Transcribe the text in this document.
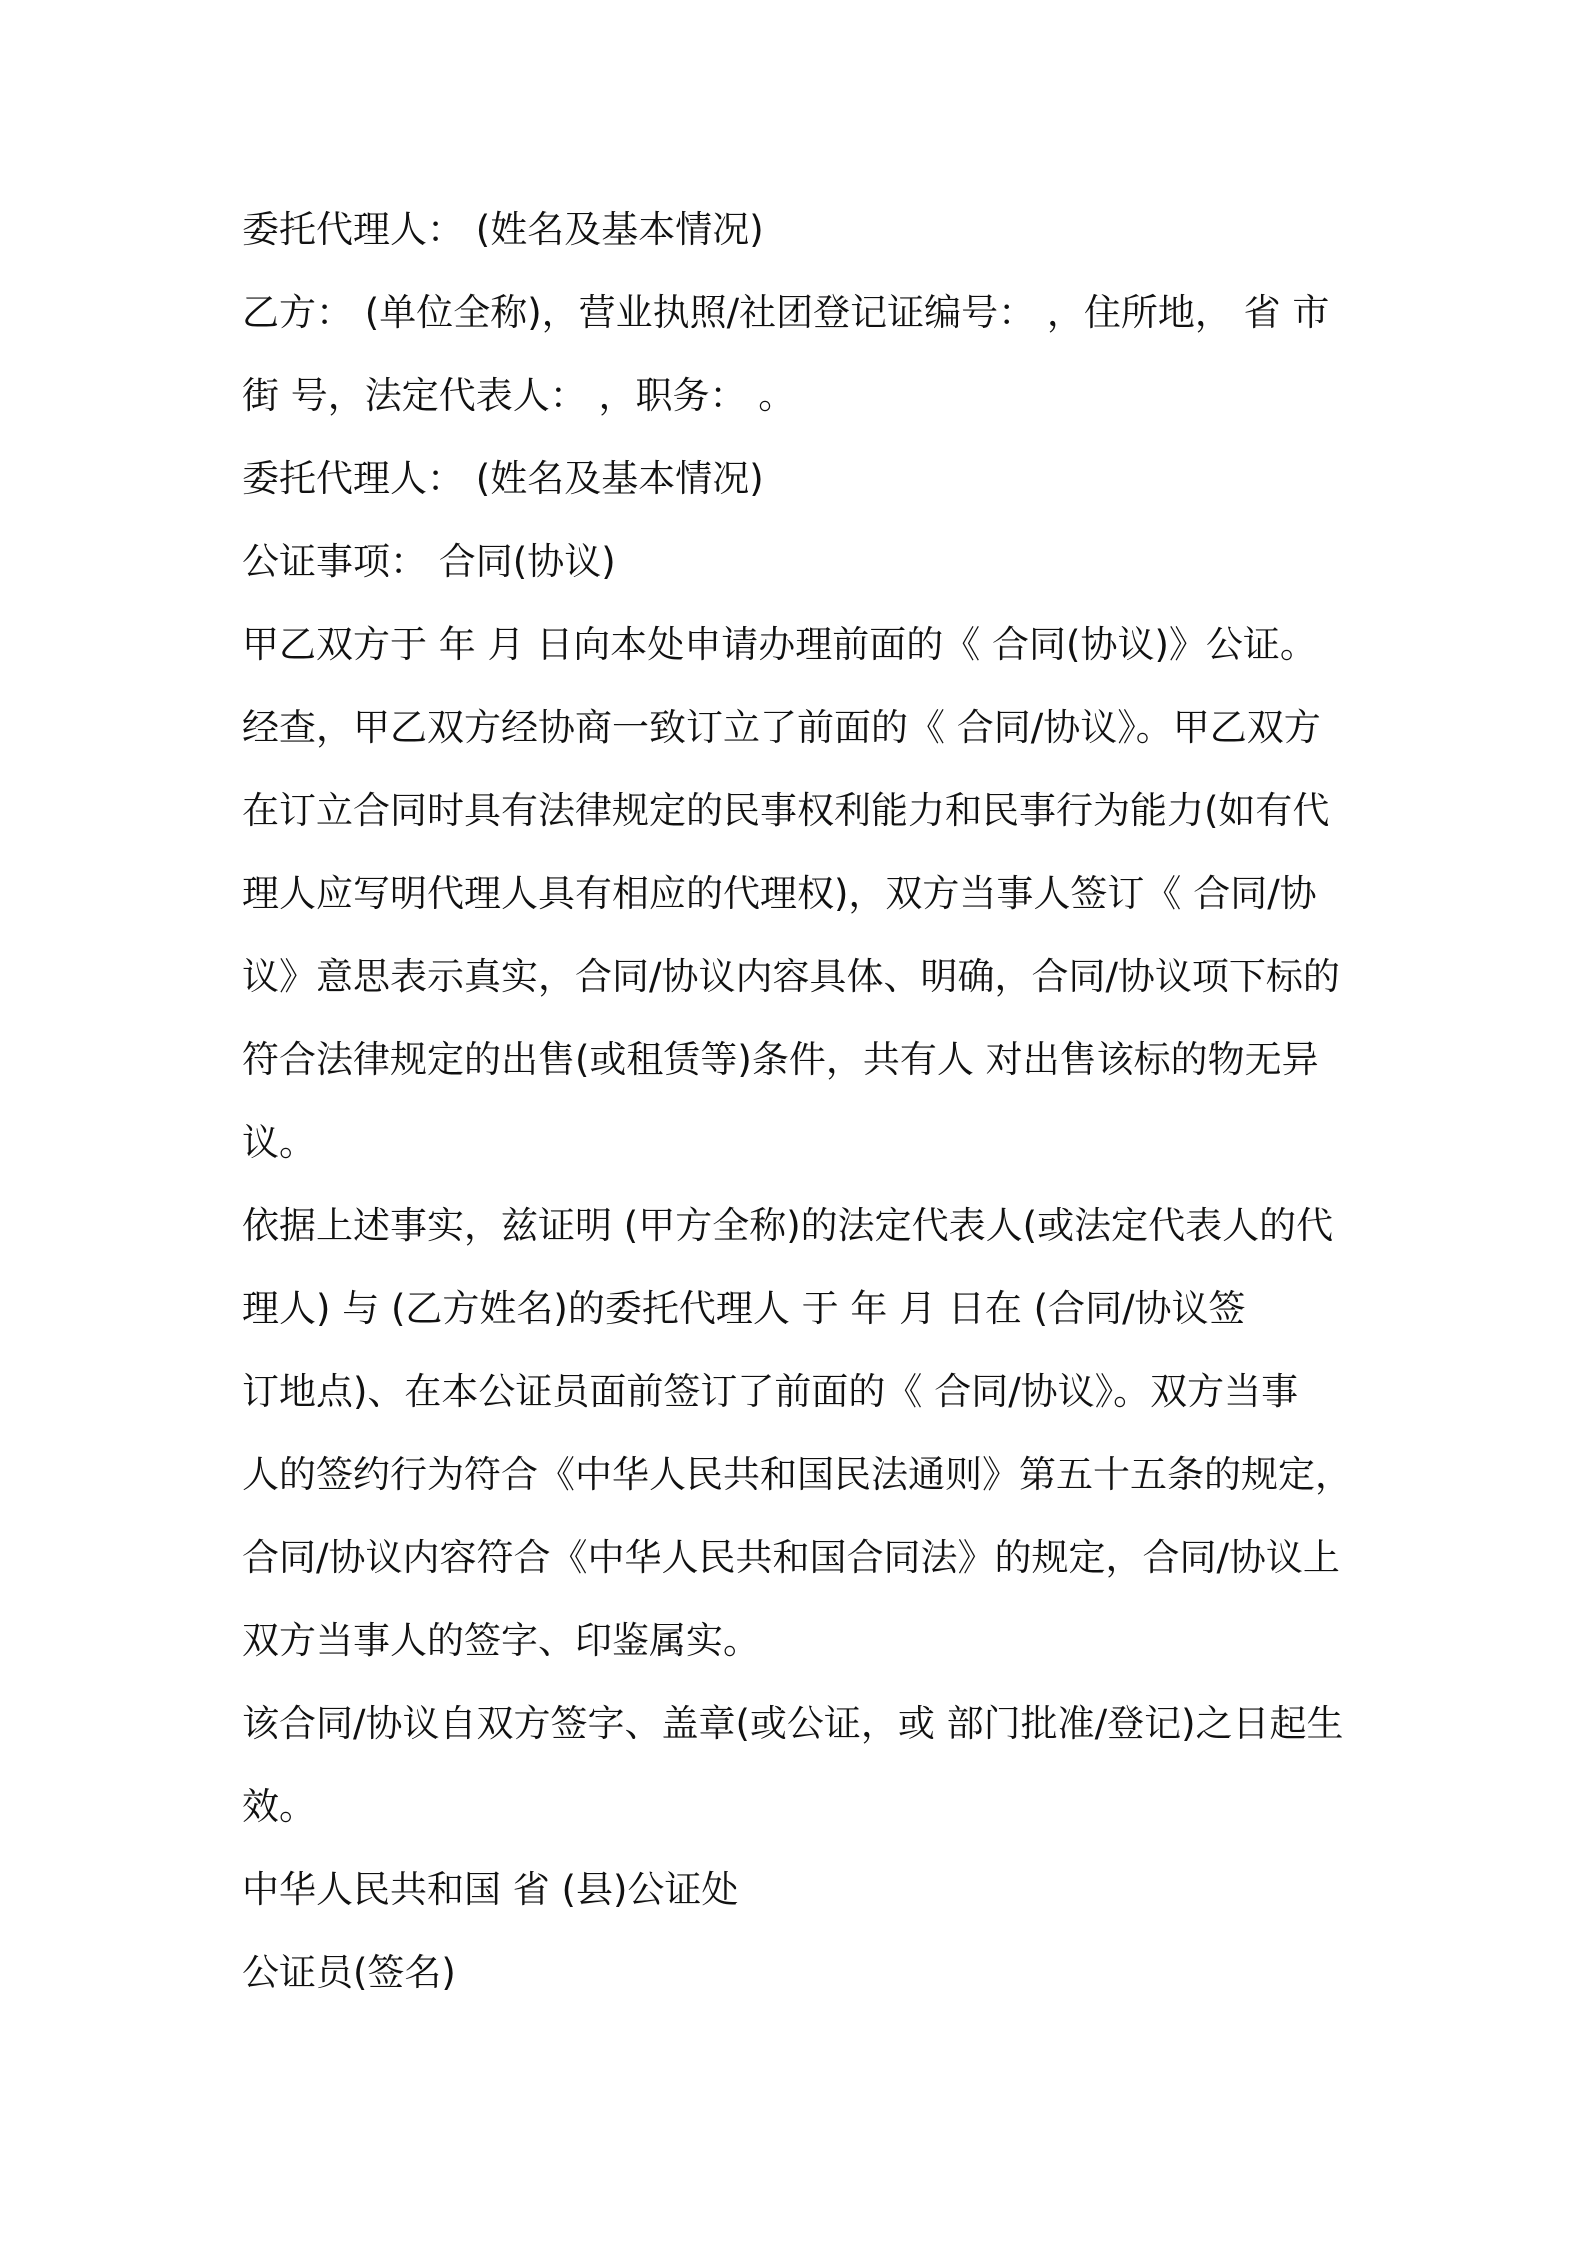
委托代理人： (姓名及基本情况)

乙方： (单位全称)，营业执照/社团登记证编号： ，住所地， 省 市

街 号，法定代表人： ，职务： 。

委托代理人： (姓名及基本情况)

公证事项： 合同(协议)

甲乙双方于 年 月 日向本处申请办理前面的《 合同(协议)》公证。

经查，甲乙双方经协商一致订立了前面的《 合同/协议》。甲乙双方

在订立合同时具有法律规定的民事权利能力和民事行为能力(如有代

理人应写明代理人具有相应的代理权)，双方当事人签订《 合同/协

议》意思表示真实，合同/协议内容具体、明确，合同/协议项下标的

符合法律规定的出售(或租赁等)条件，共有人 对出售该标的物无异

议。

依据上述事实，兹证明 (甲方全称)的法定代表人(或法定代表人的代

理人) 与 (乙方姓名)的委托代理人 于 年 月 日在 (合同/协议签

订地点)、在本公证员面前签订了前面的《 合同/协议》。双方当事

人的签约行为符合《中华人民共和国民法通则》第五十五条的规定，

合同/协议内容符合《中华人民共和国合同法》的规定，合同/协议上

双方当事人的签字、印鉴属实。

该合同/协议自双方签字、盖章(或公证，或 部门批准/登记)之日起生

效。

中华人民共和国 省 (县)公证处

公证员(签名)
